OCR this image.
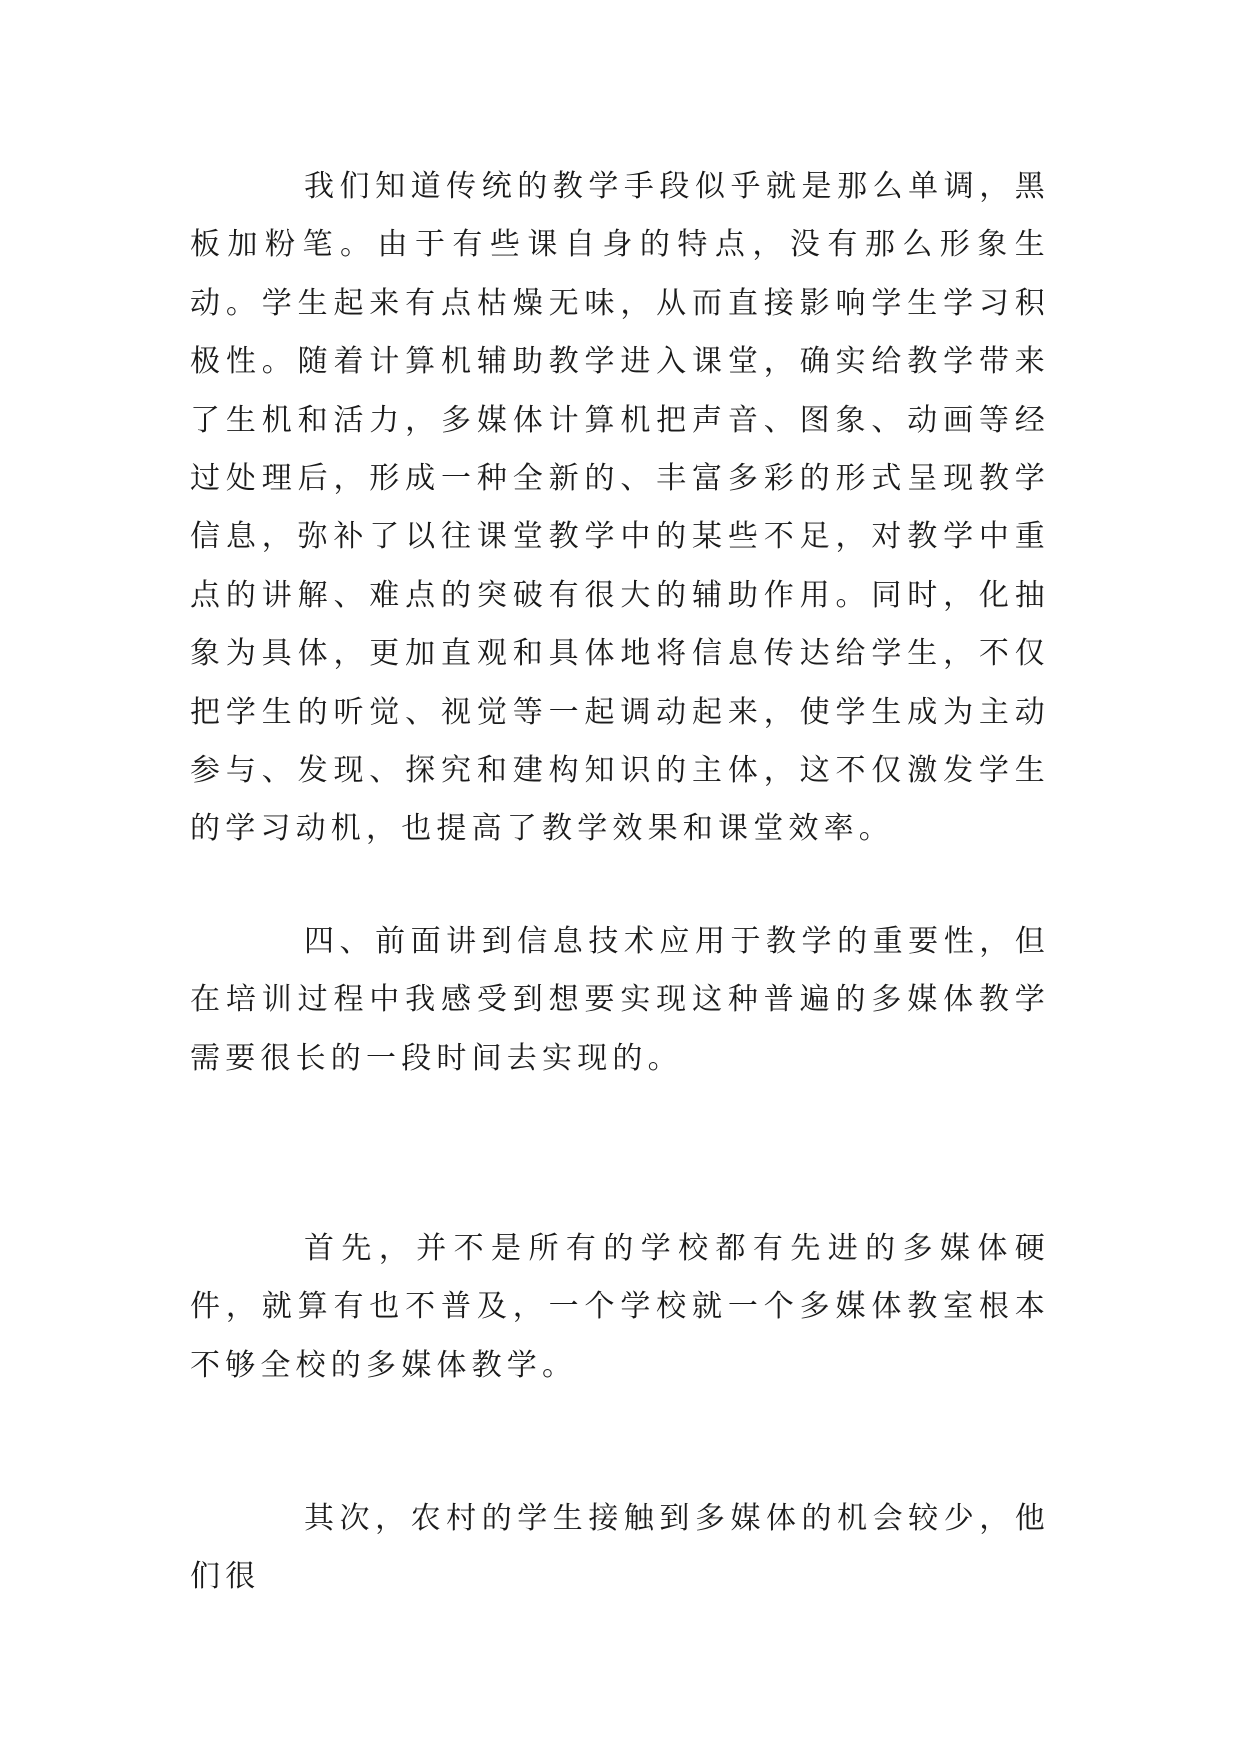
我们知道传统的教学手段似乎就是那么单调，黑板加粉笔。由于有些课自身的特点，没有那么形象生动。学生起来有点枯燥无味，从而直接影响学生学习积极性。随着计算机辅助教学进入课堂，确实给教学带来了生机和活力，多媒体计算机把声音、图象、动画等经过处理后，形成一种全新的、丰富多彩的形式呈现教学信息，弥补了以往课堂教学中的某些不足，对教学中重点的讲解、难点的突破有很大的辅助作用。同时，化抽象为具体，更加直观和具体地将信息传达给学生，不仅把学生的听觉、视觉等一起调动起来，使学生成为主动参与、发现、探究和建构知识的主体，这不仅激发学生的学习动机，也提高了教学效果和课堂效率。

四、前面讲到信息技术应用于教学的重要性，但在培训过程中我感受到想要实现这种普遍的多媒体教学需要很长的一段时间去实现的。

首先，并不是所有的学校都有先进的多媒体硬件，就算有也不普及，一个学校就一个多媒体教室根本不够全校的多媒体教学。

其次，农村的学生接触到多媒体的机会较少，他们很
